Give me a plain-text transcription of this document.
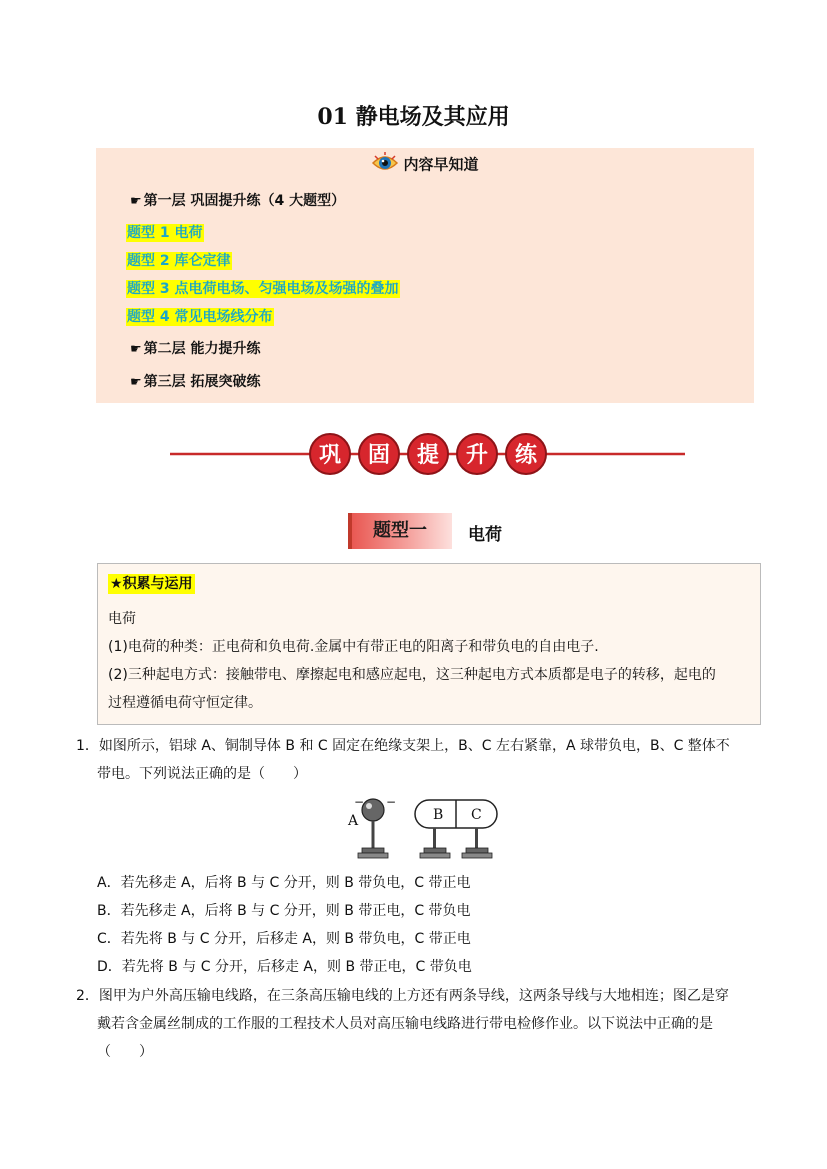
01 静电场及其应用
内容早知道
☛ 第一层 巩固提升练（4 大题型）
题型 1 电荷
题型 2 库仑定律
题型 3 点电荷电场、匀强电场及场强的叠加
题型 4 常见电场线分布
☛ 第二层 能力提升练
☛ 第三层 拓展突破练
巩 固 提 升 练
题型一	电荷
★积累与运用
电荷
(1)电荷的种类：正电荷和负电荷.金属中有带正电的阳离子和带负电的自由电子.
(2)三种起电方式：接触带电、摩擦起电和感应起电，这三种起电方式本质都是电子的转移，起电的
过程遵循电荷守恒定律。
1．如图所示，铝球 A、铜制导体 B 和 C 固定在绝缘支架上，B、C 左右紧靠，A 球带负电，B、C 整体不
带电。下列说法正确的是（　　）
A
− −
B C
A．若先移走 A，后将 B 与 C 分开，则 B 带负电，C 带正电
B．若先移走 A，后将 B 与 C 分开，则 B 带正电，C 带负电
C．若先将 B 与 C 分开，后移走 A，则 B 带负电，C 带正电
D．若先将 B 与 C 分开，后移走 A，则 B 带正电，C 带负电
2．图甲为户外高压输电线路，在三条高压输电线的上方还有两条导线，这两条导线与大地相连；图乙是穿
戴若含金属丝制成的工作服的工程技术人员对高压输电线路进行带电检修作业。以下说法中正确的是
（　　）
